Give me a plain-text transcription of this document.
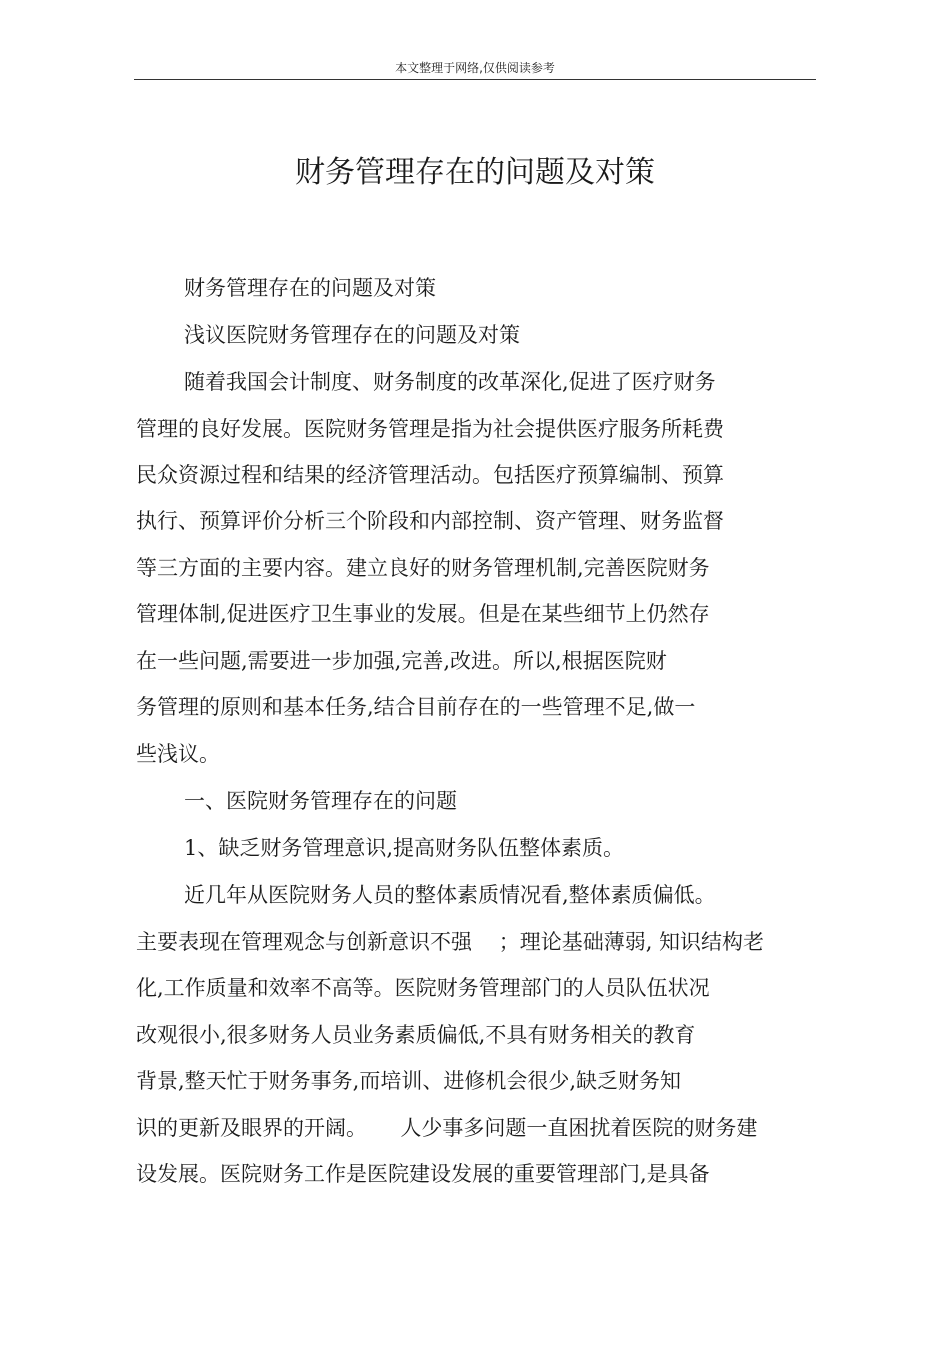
本文整理于网络,仅供阅读参考

财务管理存在的问题及对策

财务管理存在的问题及对策

浅议医院财务管理存在的问题及对策

随着我国会计制度、财务制度的改革深化,促进了医疗财务

管理的良好发展。医院财务管理是指为社会提供医疗服务所耗费

民众资源过程和结果的经济管理活动。包括医疗预算编制、预算

执行、预算评价分析三个阶段和内部控制、资产管理、财务监督

等三方面的主要内容。建立良好的财务管理机制,完善医院财务

管理体制,促进医疗卫生事业的发展。但是在某些细节上仍然存

在一些问题,需要进一步加强,完善,改进。所以,根据医院财

务管理的原则和基本任务,结合目前存在的一些管理不足,做一

些浅议。

一、医院财务管理存在的问题

1、缺乏财务管理意识,提高财务队伍整体素质。

近几年从医院财务人员的整体素质情况看,整体素质偏低。

主要表现在管理观念与创新意识不强    ；理论基础薄弱, 知识结构老

化,工作质量和效率不高等。医院财务管理部门的人员队伍状况

改观很小,很多财务人员业务素质偏低,不具有财务相关的教育

背景,整天忙于财务事务,而培训、进修机会很少,缺乏财务知

识的更新及眼界的开阔。     人少事多问题一直困扰着医院的财务建

设发展。医院财务工作是医院建设发展的重要管理部门,是具备
